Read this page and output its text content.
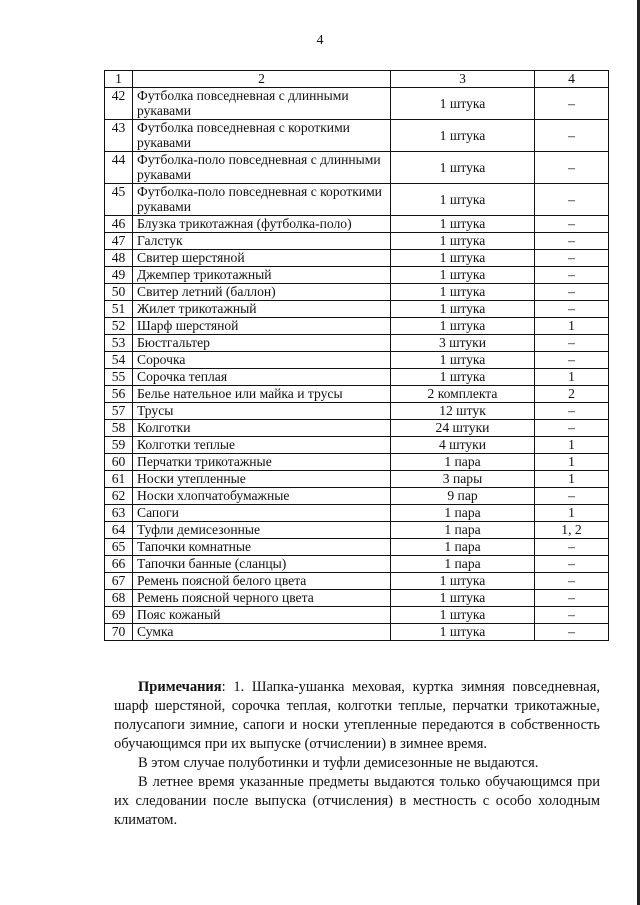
4
1	2	3	4
42	Футболка повседневная с длинными рукавами	1 штука	–
43	Футболка повседневная с короткими рукавами	1 штука	–
44	Футболка-поло повседневная с длинными рукавами	1 штука	–
45	Футболка-поло повседневная с короткими рукавами	1 штука	–
46	Блузка трикотажная (футболка-поло)	1 штука	–
47	Галстук	1 штука	–
48	Свитер шерстяной	1 штука	–
49	Джемпер трикотажный	1 штука	–
50	Свитер летний (баллон)	1 штука	–
51	Жилет трикотажный	1 штука	–
52	Шарф шерстяной	1 штука	1
53	Бюстгальтер	3 штуки	–
54	Сорочка	1 штука	–
55	Сорочка теплая	1 штука	1
56	Белье нательное или майка и трусы	2 комплекта	2
57	Трусы	12 штук	–
58	Колготки	24 штуки	–
59	Колготки теплые	4 штуки	1
60	Перчатки трикотажные	1 пара	1
61	Носки утепленные	3 пары	1
62	Носки хлопчатобумажные	9 пар	–
63	Сапоги	1 пара	1
64	Туфли демисезонные	1 пара	1, 2
65	Тапочки комнатные	1 пара	–
66	Тапочки банные (сланцы)	1 пара	–
67	Ремень поясной белого цвета	1 штука	–
68	Ремень поясной черного цвета	1 штука	–
69	Пояс кожаный	1 штука	–
70	Сумка	1 штука	–

Примечания: 1. Шапка-ушанка меховая, куртка зимняя повседневная, шарф шерстяной, сорочка теплая, колготки теплые, перчатки трикотажные, полусапоги зимние, сапоги и носки утепленные передаются в собственность обучающимся при их выпуске (отчислении) в зимнее время.

В этом случае полуботинки и туфли демисезонные не выдаются.

В летнее время указанные предметы выдаются только обучающимся при их следовании после выпуска (отчисления) в местность с особо холодным климатом.
